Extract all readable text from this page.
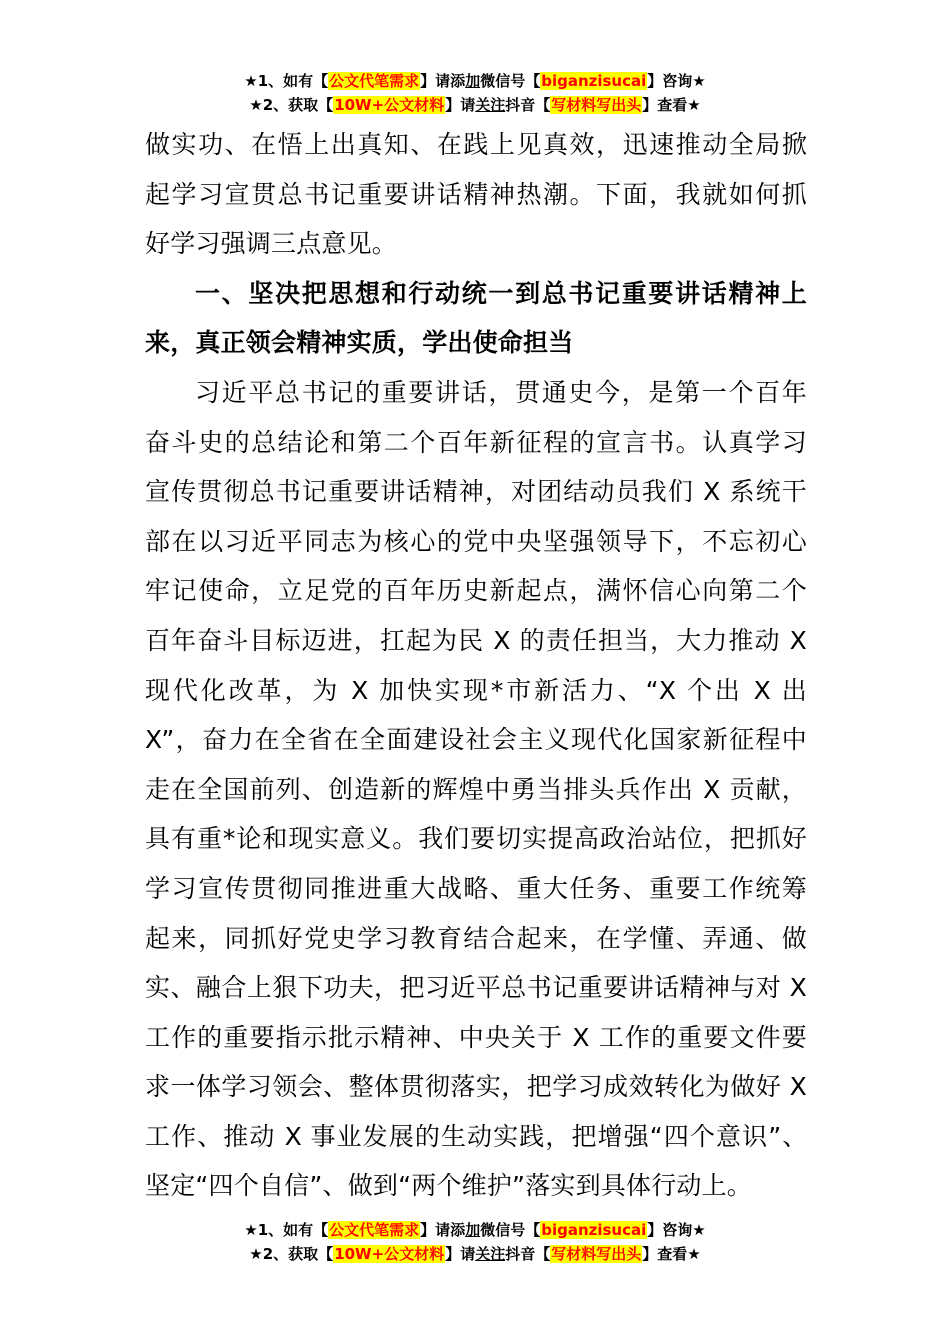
★1、如有【公文代笔需求】请添加微信号【biganzisucai】咨询★
★2、获取【10W+公文材料】请关注抖音【写材料写出头】查看★

做实功、在悟上出真知、在践上见真效，迅速推动全局掀

起学习宣贯总书记重要讲话精神热潮。下面，我就如何抓

好学习强调三点意见。

一、坚决把思想和行动统一到总书记重要讲话精神上

来，真正领会精神实质，学出使命担当

习近平总书记的重要讲话，贯通史今，是第一个百年

奋斗史的总结论和第二个百年新征程的宣言书。认真学习

宣传贯彻总书记重要讲话精神，对团结动员我们 X 系统干

部在以习近平同志为核心的党中央坚强领导下，不忘初心

牢记使命，立足党的百年历史新起点，满怀信心向第二个

百年奋斗目标迈进，扛起为民 X 的责任担当，大力推动 X

现代化改革，为 X 加快实现*市新活力、“X 个出 X 出

X”，奋力在全省在全面建设社会主义现代化国家新征程中

走在全国前列、创造新的辉煌中勇当排头兵作出 X 贡献，

具有重*论和现实意义。我们要切实提高政治站位，把抓好

学习宣传贯彻同推进重大战略、重大任务、重要工作统筹

起来，同抓好党史学习教育结合起来，在学懂、弄通、做

实、融合上狠下功夫，把习近平总书记重要讲话精神与对 X

工作的重要指示批示精神、中央关于 X 工作的重要文件要

求一体学习领会、整体贯彻落实，把学习成效转化为做好 X

工作、推动 X 事业发展的生动实践，把增强“四个意识”、

坚定“四个自信”、做到“两个维护”落实到具体行动上。

★1、如有【公文代笔需求】请添加微信号【biganzisucai】咨询★
★2、获取【10W+公文材料】请关注抖音【写材料写出头】查看★
